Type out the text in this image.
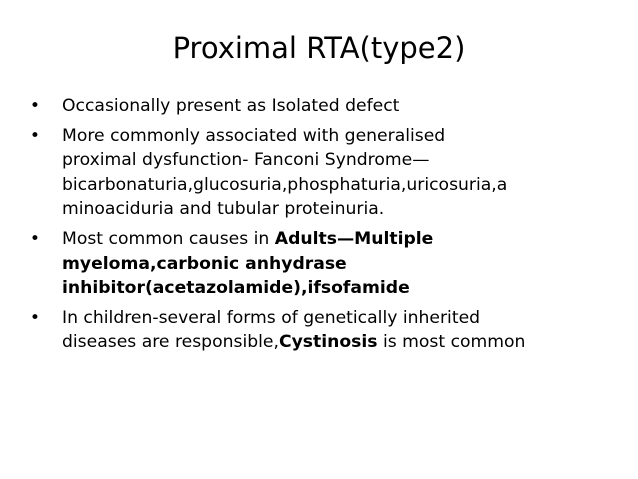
Proximal RTA(type2)
• Occasionally present as Isolated defect
• More commonly associated with generalised
proximal dysfunction- Fanconi Syndrome—
bicarbonaturia,glucosuria,phosphaturia,uricosuria,a
minoaciduria and tubular proteinuria.
• Most common causes in Adults—Multiple
myeloma,carbonic anhydrase
inhibitor(acetazolamide),ifsofamide
• In children-several forms of genetically inherited
diseases are responsible,Cystinosis is most common
